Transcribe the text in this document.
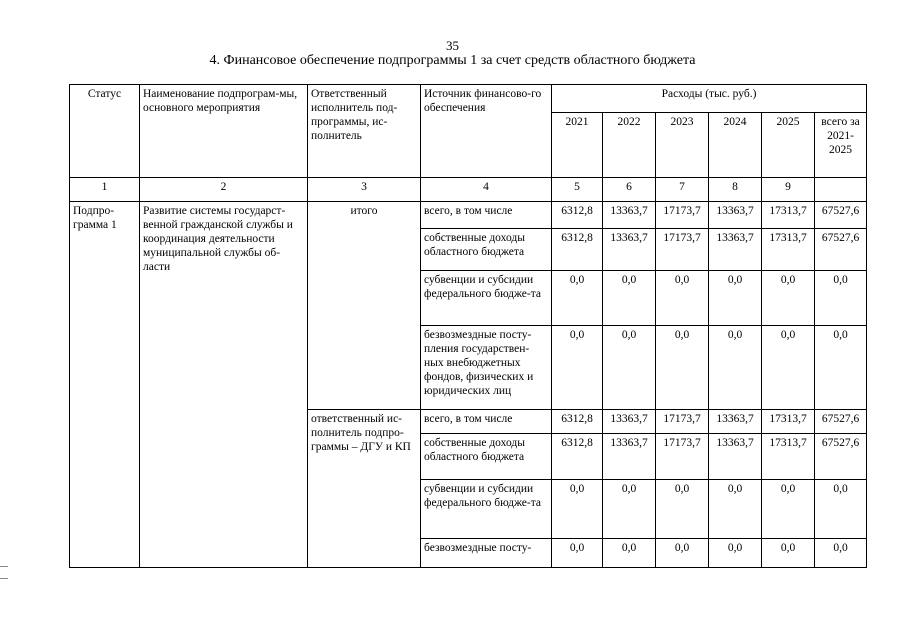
35
4. Финансовое обеспечение подпрограммы 1 за счет средств областного бюджета
Статус	Наименование подпрограм-мы, основного мероприятия	Ответственный исполнитель под-программы, ис-полнитель	Источник финансово-го обеспечения	Расходы (тыс. руб.)					
				2021	2022	2023	2024	2025	всего за 2021-2025
1	2	3	4	5	6	7	8	9	
Подпро-грамма 1	Развитие системы государст-венной гражданской службы и координация деятельности муниципальной службы об-ласти	итого	всего, в том числе	6312,8	13363,7	17173,7	13363,7	17313,7	67527,6
			собственные доходы областного бюджета	6312,8	13363,7	17173,7	13363,7	17313,7	67527,6
			субвенции и субсидии федерального бюдже-та	0,0	0,0	0,0	0,0	0,0	0,0
			безвозмездные посту-пления государствен-ных внебюджетных фондов, физических и юридических лиц	0,0	0,0	0,0	0,0	0,0	0,0
		ответственный ис-полнитель подпро-граммы – ДГУ и КП	всего, в том числе	6312,8	13363,7	17173,7	13363,7	17313,7	67527,6
			собственные доходы областного бюджета	6312,8	13363,7	17173,7	13363,7	17313,7	67527,6
			субвенции и субсидии федерального бюдже-та	0,0	0,0	0,0	0,0	0,0	0,0
			безвозмездные посту-	0,0	0,0	0,0	0,0	0,0	0,0
